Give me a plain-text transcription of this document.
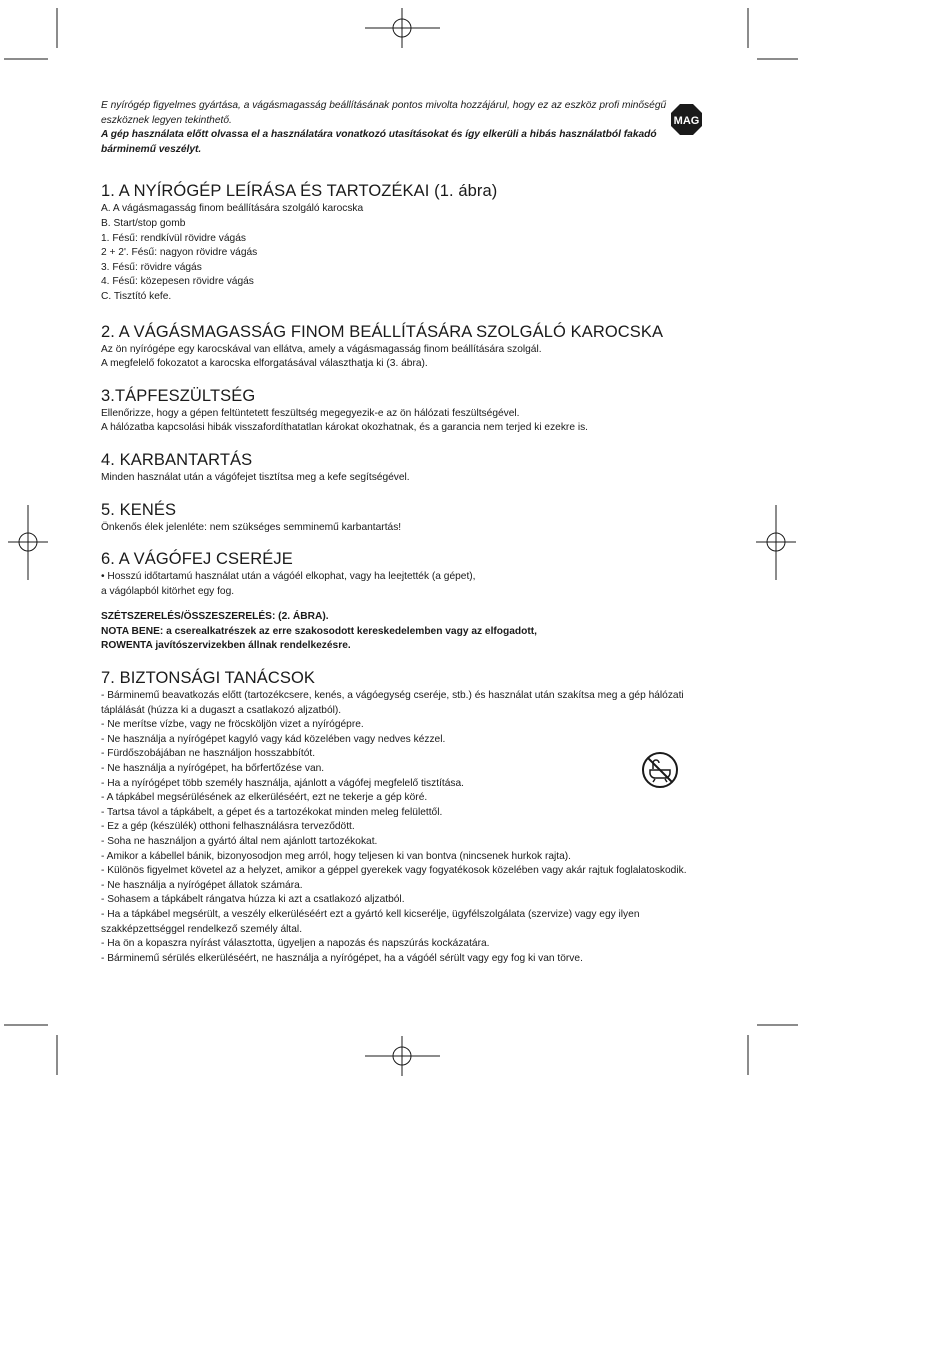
MAG

E nyírógép figyelmes gyártása, a vágásmagasság beállításának pontos mivolta hozzájárul, hogy ez az eszköz profi minőségű eszköznek legyen tekinthető.

A gép használata előtt olvassa el a használatára vonatkozó utasításokat és így elkerüli a hibás használatból fakadó bárminemű veszélyt.

1. A NYÍRÓGÉP LEÍRÁSA ÉS TARTOZÉKAI (1. ábra)
A. A vágásmagasság finom beállítására szolgáló karocska
B. Start/stop gomb
1. Fésű: rendkívül rövidre vágás
2 + 2'. Fésű: nagyon rövidre vágás
3. Fésű: rövidre vágás
4. Fésű: közepesen rövidre vágás
C. Tisztító kefe.
2. A VÁGÁSMAGASSÁG FINOM BEÁLLÍTÁSÁRA SZOLGÁLÓ KAROCSKA

Az ön nyírógépe egy karocskával van ellátva, amely a vágásmagasság finom beállítására szolgál.

A megfelelő fokozatot a karocska elforgatásával választhatja ki (3. ábra).

3.TÁPFESZÜLTSÉG

Ellenőrizze, hogy a gépen feltüntetett feszültség megegyezik-e az ön hálózati feszültségével.

A hálózatba kapcsolási hibák visszafordíthatatlan károkat okozhatnak, és a garancia nem terjed ki ezekre is.

4. KARBANTARTÁS

Minden használat után a vágófejet tisztítsa meg a kefe segítségével.

5. KENÉS

Önkenős élek jelenléte: nem szükséges semminemű karbantartás!

6. A VÁGÓFEJ CSERÉJE

• Hosszú időtartamú használat után a vágóél elkophat, vagy ha leejtették (a gépet),

a vágólapból kitörhet egy fog.

SZÉTSZERELÉS/ÖSSZESZERELÉS: (2. ÁBRA).

NOTA BENE: a cserealkatrészek az erre szakosodott kereskedelemben vagy az elfogadott,

ROWENTA javítószervizekben állnak rendelkezésre.

7. BIZTONSÁGI TANÁCSOK
- Bárminemű beavatkozás előtt (tartozékcsere, kenés, a vágóegység cseréje, stb.) és használat után szakítsa meg a gép hálózati táplálását (húzza ki a dugaszt a csatlakozó aljzatból).
- Ne merítse vízbe, vagy ne fröcsköljön vizet a nyírógépre.
- Ne használja a nyírógépet kagyló vagy kád közelében vagy nedves kézzel.
- Fürdőszobájában ne használjon hosszabbítót.
- Ne használja a nyírógépet, ha bőrfertőzése van.
- Ha a nyírógépet több személy használja, ajánlott a vágófej megfelelő tisztítása.
- A tápkábel megsérülésének az elkerüléséért, ezt ne tekerje a gép köré.
- Tartsa távol a tápkábelt, a gépet és a tartozékokat minden meleg felülettől.
- Ez a gép (készülék) otthoni felhasználásra terveződött.
- Soha ne használjon a gyártó által nem ajánlott tartozékokat.
- Amikor a kábellel bánik, bizonyosodjon meg arról, hogy teljesen ki van bontva (nincsenek hurkok rajta).
- Különös figyelmet követel az a helyzet, amikor a géppel gyerekek vagy fogyatékosok közelében vagy akár rajtuk foglalatoskodik.
- Ne használja a nyírógépet állatok számára.
- Sohasem a tápkábelt rángatva húzza ki azt a csatlakozó aljzatból.
- Ha a tápkábel megsérült, a veszély elkerüléséért ezt a gyártó kell kicserélje, ügyfélszolgálata (szervize) vagy egy ilyen szakképzettséggel rendelkező személy által.
- Ha ön a kopaszra nyírást választotta, ügyeljen a napozás és napszúrás kockázatára.
- Bárminemű sérülés elkerüléséért, ne használja a nyírógépet, ha a vágóél sérült vagy egy fog ki van törve.
